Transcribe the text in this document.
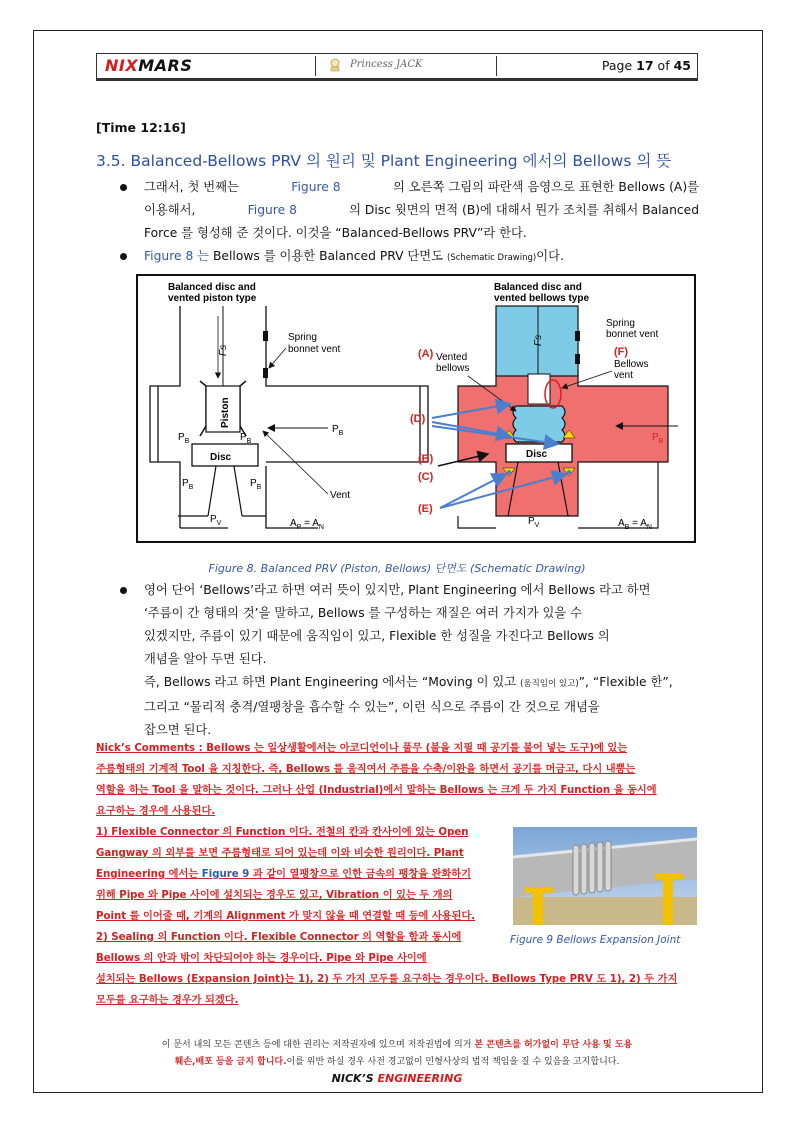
NIXMARS	Princess JACK	Page 17 of 45
[Time 12:16]
3.5. Balanced-Bellows PRV 의 원리 및 Plant Engineering 에서의 Bellows 의 뜻
그래서, 첫 번째는	Figure 8	의 오른쪽 그림의 파란색 음영으로 표현한 Bellows (A)를
이용해서,	Figure 8	의 Disc 윗면의 면적 (B)에 대해서 뭔가 조치를 취해서 Balanced
Force 를 형성해 준 것이다. 이것을 “Balanced-Bellows PRV”라 한다.
Figure 8 는 Bellows 를 이용한 Balanced PRV 단면도 (Schematic Drawing)이다.
Balanced disc and
vented piston type
Fs
Piston
$P_B$	$P_B$
Disc
$P_B$	$P_B$
$P_V$	$A_P = A_N$
Spring
bonnet vent
$P_B$
Vent
Balanced disc and
vented bellows type
Fs
Disc
Spring
bonnet vent
(F)
Bellows
vent
(A) Vented
bellows
(D)
(B)
(C)
(E)
$P_V$	$A_B = A_N$
$P_B$
Figure 8. Balanced PRV (Piston, Bellows) 단면도 (Schematic Drawing)
영어 단어 ‘Bellows’라고 하면 여러 뜻이 있지만, Plant Engineering 에서 Bellows 라고 하면
‘주름이 간 형태의 것’을 말하고, Bellows 를 구성하는 재질은 여러 가지가 있을 수
있겠지만, 주름이 있기 때문에 움직임이 있고, Flexible 한 성질을 가진다고 Bellows 의
개념을 알아 두면 된다.
즉, Bellows 라고 하면 Plant Engineering 에서는 “Moving 이 있고 (움직임이 있고)”, “Flexible 한”,
그리고 “물리적 충격/열팽창을 흡수할 수 있는”, 이런 식으로 주름이 간 것으로 개념을
잡으면 된다.
Nick’s Comments : Bellows 는 일상생활에서는 아코디언이나 풀무 (불을 지필 때 공기를 불어 넣는 도구)에 있는
주름형태의 기계적 Tool 을 지칭한다. 즉, Bellows 를 움직여서 주름을 수축/이완을 하면서 공기를 머금고, 다시 내뿜는
역할을 하는 Tool 을 말하는 것이다. 그러나 산업 (Industrial)에서 말하는 Bellows 는 크게 두 가지 Function 을 동시에
요구하는 경우에 사용된다.
1) Flexible Connector 의 Function 이다. 전철의 칸과 칸사이에 있는 Open
Gangway 의 외부를 보면 주름형태로 되어 있는데 이와 비슷한 원리이다. Plant
Engineering 에서는 Figure 9 과 같이 열팽창으로 인한 금속의 팽창을 완화하기
위해 Pipe 와 Pipe 사이에 설치되는 경우도 있고, Vibration 이 있는 두 개의
Point 를 이어줄 때, 기계의 Alignment 가 맞지 않을 때 연결할 때 등에 사용된다.
2) Sealing 의 Function 이다. Flexible Connector 의 역할을 함과 동시에
Bellows 의 안과 밖이 차단되어야 하는 경우이다. Pipe 와 Pipe 사이에
설치되는 Bellows (Expansion Joint)는 1), 2) 두 가지 모두를 요구하는 경우이다. Bellows Type PRV 도 1), 2) 두 가지
모두를 요구하는 경우가 되겠다.
Figure 9 Bellows Expansion Joint
이 문서 내의 모든 콘텐츠 등에 대한 권리는 저작권자에 있으며 저작권법에 의거 본 콘텐츠를 허가없이 무단 사용 및 도용
훼손,배포 등을 금지 합니다.이를 위반 하실 경우 사전 경고없이 민형사상의 법적 책임을 질 수 있음을 고지합니다.
NICK’S ENGINEERING
